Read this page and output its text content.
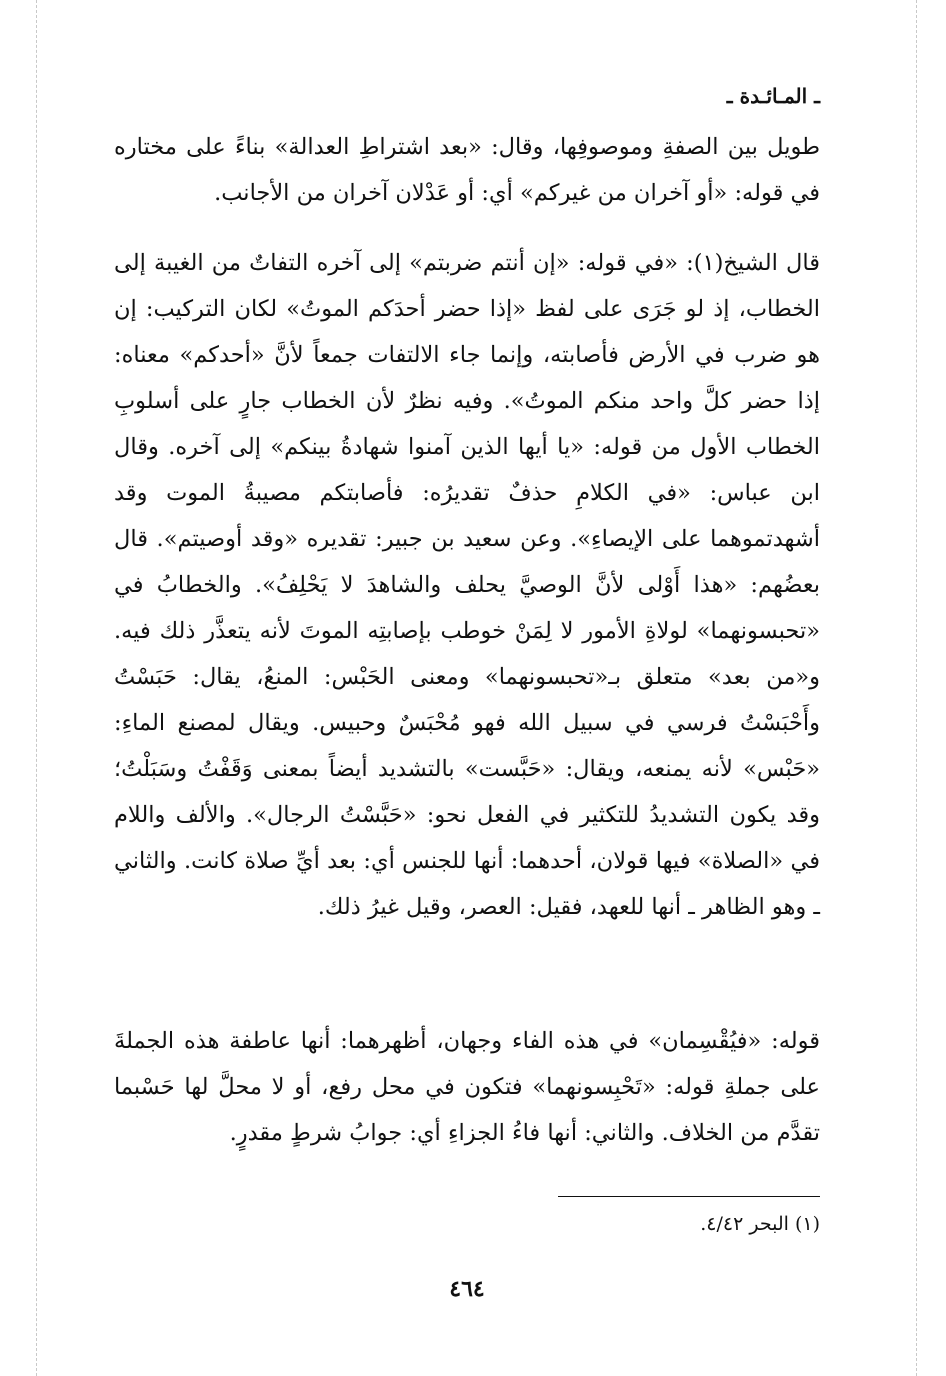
ـ المـائـدة ـ

طويل بين الصفةِ وموصوفِها، وقال: «بعد اشتراطِ العدالة» بناءً على مختاره في قوله: «أو آخران من غيركم» أي: أو عَدْلان آخران من الأجانب.

قال الشيخ(١): «في قوله: «إن أنتم ضربتم» إلى آخره التفاتٌ من الغيبة إلى الخطاب، إذ لو جَرَى على لفظ «إذا حضر أحدَكم الموتُ» لكان التركيب: إن هو ضرب في الأرض فأصابته، وإنما جاء الالتفات جمعاً لأنَّ «أحدكم» معناه: إذا حضر كلَّ واحد منكم الموتُ». وفيه نظرٌ لأن الخطاب جارٍ على أسلوبِ الخطاب الأول من قوله: «يا أيها الذين آمنوا شهادةُ بينكم» إلى آخره. وقال ابن عباس: «في الكلامِ حذفٌ تقديرُه: فأصابتكم مصيبةُ الموت وقد أشهدتموهما على الإيصاءِ». وعن سعيد بن جبير: تقديره «وقد أوصيتم». قال بعضُهم: «هذا أَوْلى لأنَّ الوصيَّ يحلف والشاهدَ لا يَحْلِفُ». والخطابُ في «تحبسونهما» لولاةِ الأمور لا لِمَنْ خوطب بإصابتِه الموتَ لأنه يتعذَّر ذلك فيه. و«من بعد» متعلق بـ«تحبسونهما» ومعنى الحَبْس: المنعُ، يقال: حَبَسْتُ وأَحْبَسْتُ فرسي في سبيل الله فهو مُحْبَسٌ وحبيس. ويقال لمصنع الماءِ: «حَبْس» لأنه يمنعه، ويقال: «حَبَّست» بالتشديد أيضاً بمعنى وَقَفْتُ وسَبَلْتُ؛ وقد يكون التشديدُ للتكثير في الفعل نحو: «حَبَّسْتُ الرجال». والألف واللام في «الصلاة» فيها قولان، أحدهما: أنها للجنس أي: بعد أيِّ صلاة كانت. والثاني ـ وهو الظاهر ـ أنها للعهد، فقيل: العصر، وقيل غيرُ ذلك.

قوله: «فيُقْسِمان» في هذه الفاء وجهان، أظهرهما: أنها عاطفة هذه الجملةَ على جملةِ قوله: «تَحْبِسونهما» فتكون في محل رفع، أو لا محلَّ لها حَسْبما تقدَّم من الخلاف. والثاني: أنها فاءُ الجزاءِ أي: جوابُ شرطٍ مقدرٍ.

(١) البحر ٤/٤٢.
٤٦٤
